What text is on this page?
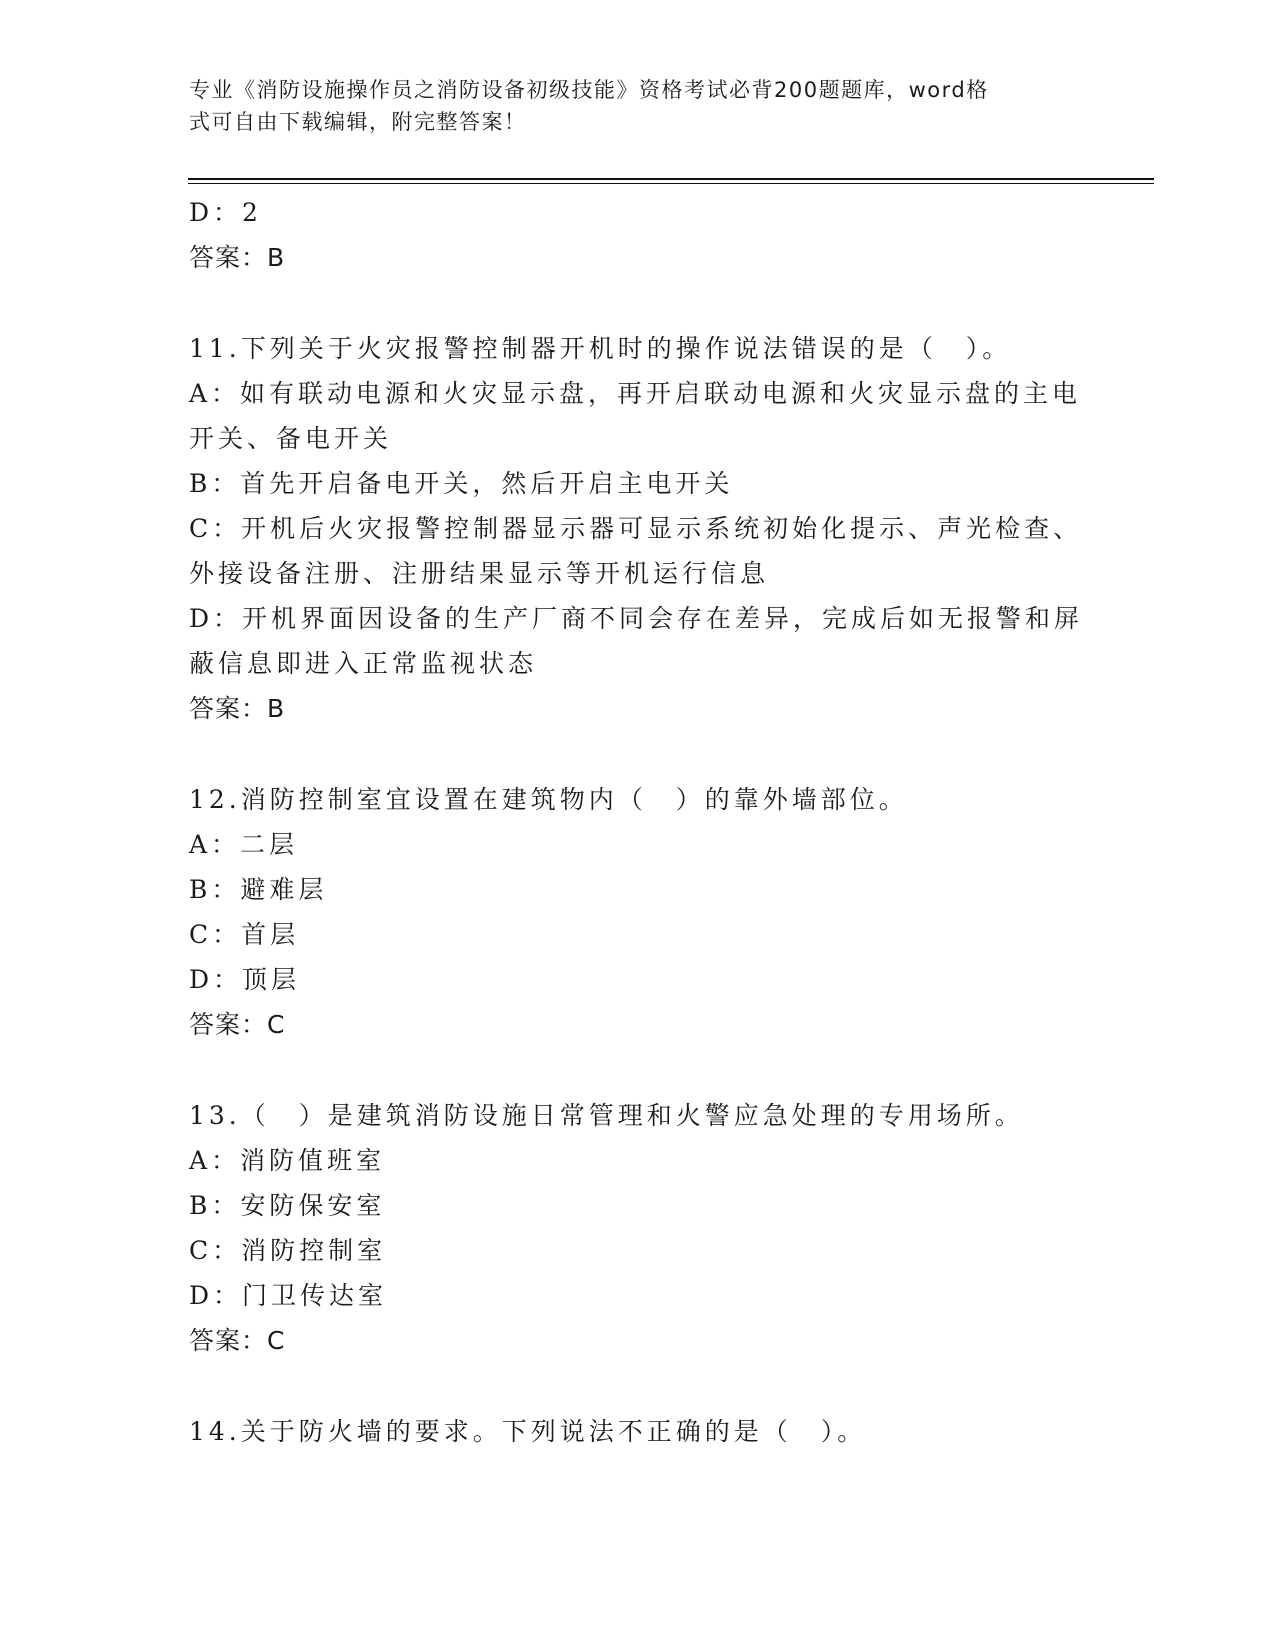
专业《消防设施操作员之消防设备初级技能》资格考试必背200题题库，word格
式可自由下载编辑，附完整答案！
D：2
答案：B
11.下列关于火灾报警控制器开机时的操作说法错误的是（　）。
A：如有联动电源和火灾显示盘，再开启联动电源和火灾显示盘的主电
开关、备电开关
B：首先开启备电开关，然后开启主电开关
C：开机后火灾报警控制器显示器可显示系统初始化提示、声光检查、
外接设备注册、注册结果显示等开机运行信息
D：开机界面因设备的生产厂商不同会存在差异，完成后如无报警和屏
蔽信息即进入正常监视状态
答案：B
12.消防控制室宜设置在建筑物内（　）的靠外墙部位。
A：二层
B：避难层
C：首层
D：顶层
答案：C
13.（　）是建筑消防设施日常管理和火警应急处理的专用场所。
A：消防值班室
B：安防保安室
C：消防控制室
D：门卫传达室
答案：C
14.关于防火墙的要求。下列说法不正确的是（　）。
